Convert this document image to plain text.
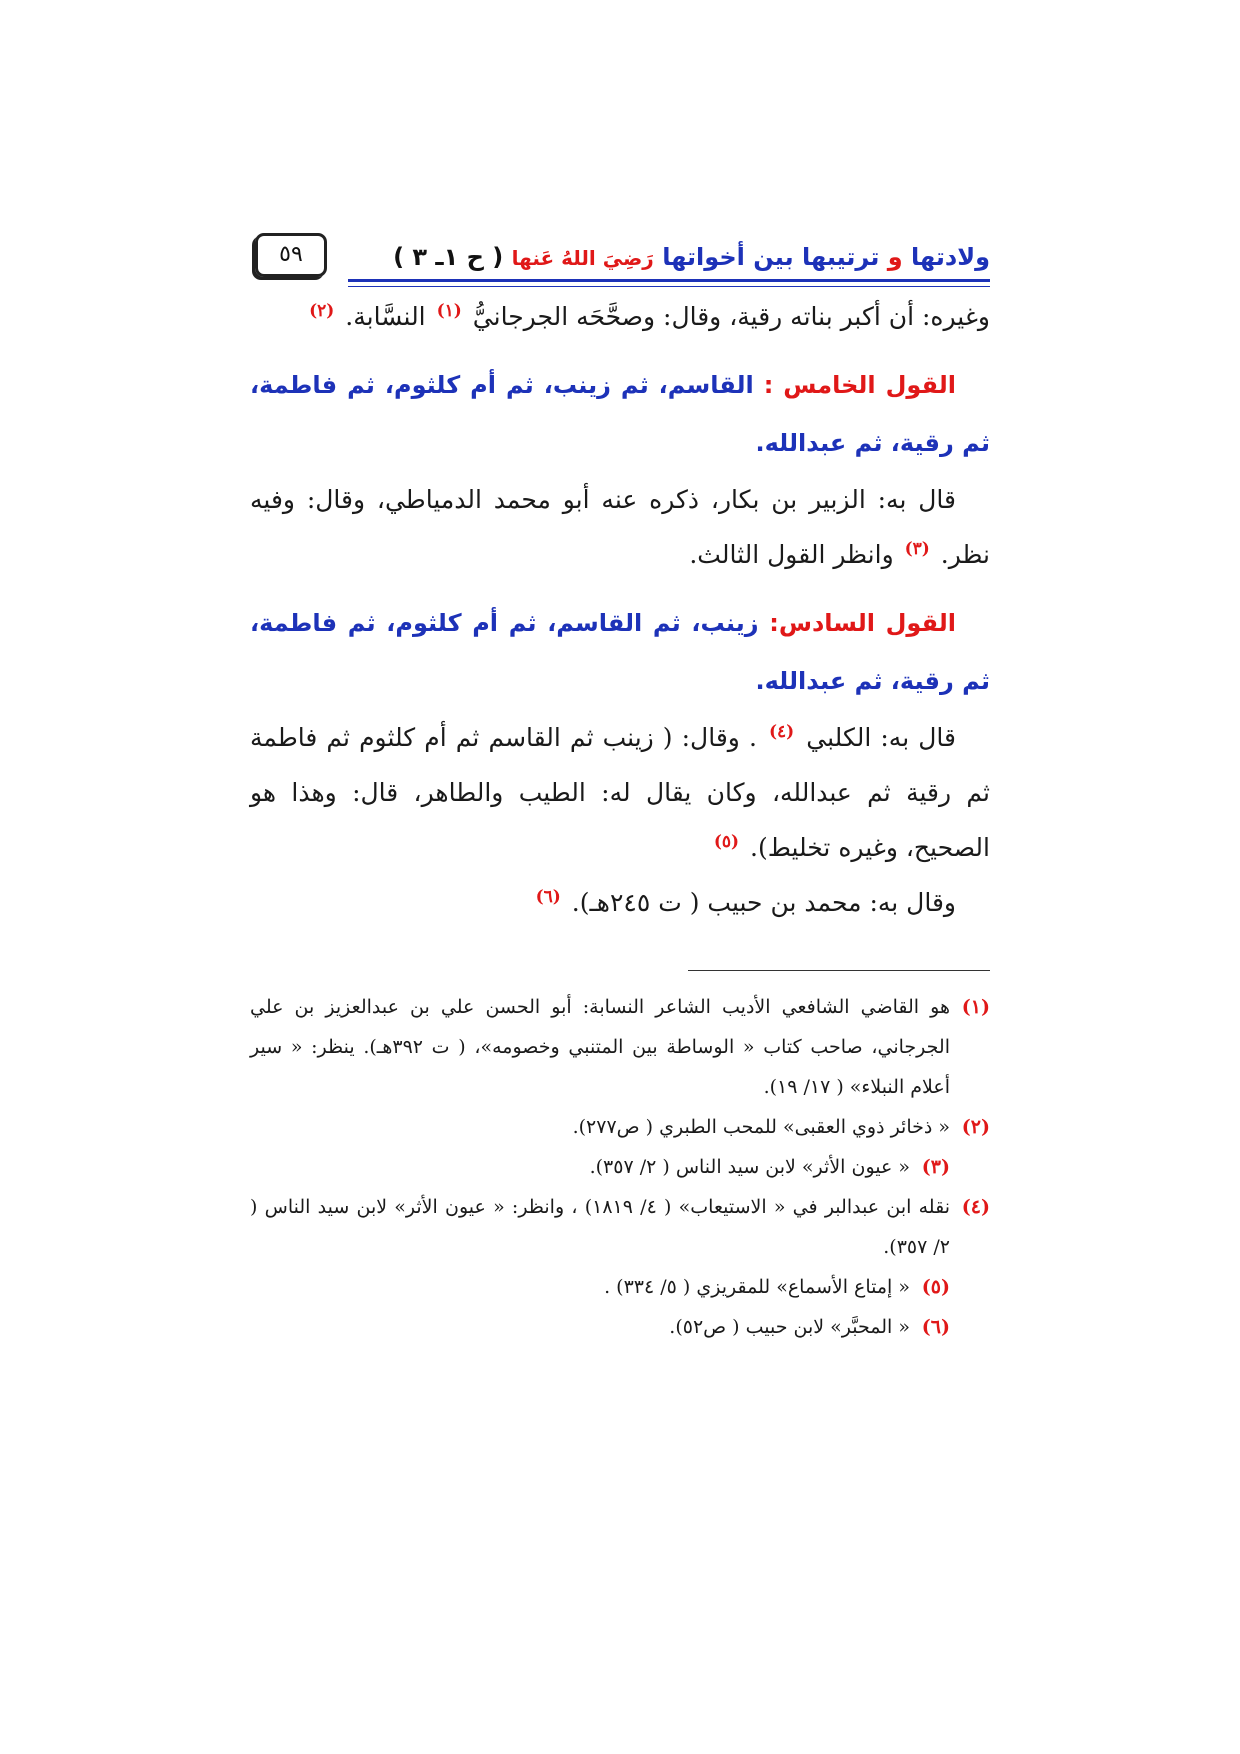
ولادتها و ترتيبها بين أخواتها رَضِيَ اللهُ عَنها ( ح ١ـ ٣ )
٥٩

وغيره: أن أكبر بناته رقية، وقال: وصحَّحَه الجرجانيُّ $^{(١)}$ النسَّابة. $^{(٢)}$

القول الخامس : القاسم، ثم زينب، ثم أم كلثوم، ثم فاطمة، ثم رقية، ثم عبدالله.

قال به: الزبير بن بكار، ذكره عنه أبو محمد الدمياطي، وقال: وفيه نظر. $^{(٣)}$ وانظر القول الثالث.

القول السادس: زينب، ثم القاسم، ثم أم كلثوم، ثم فاطمة، ثم رقية، ثم عبدالله.

قال به: الكلبي $^{(٤)}$ . وقال: ( زينب ثم القاسم ثم أم كلثوم ثم فاطمة ثم رقية ثم عبدالله، وكان يقال له: الطيب والطاهر، قال: وهذا هو الصحيح، وغيره تخليط). $^{(٥)}$

وقال به: محمد بن حبيب ( ت ٢٤٥هـ). $^{(٦)}$

(١)
هو القاضي الشافعي الأديب الشاعر النسابة: أبو الحسن علي بن عبدالعزيز بن علي الجرجاني، صاحب كتاب « الوساطة بين المتنبي وخصومه»، ( ت ٣٩٢هـ). ينظر: « سير أعلام النبلاء» ( ١٧/ ١٩).
(٢)
« ذخائر ذوي العقبى» للمحب الطبري ( ص٢٧٧).
(٣)
« عيون الأثر» لابن سيد الناس ( ٢/ ٣٥٧).
(٤)
نقله ابن عبدالبر في « الاستيعاب» ( ٤/ ١٨١٩) ، وانظر: « عيون الأثر» لابن سيد الناس ( ٢/ ٣٥٧).
(٥)
« إمتاع الأسماع» للمقريزي ( ٥/ ٣٣٤) .
(٦)
« المحبَّر» لابن حبيب ( ص٥٢).
